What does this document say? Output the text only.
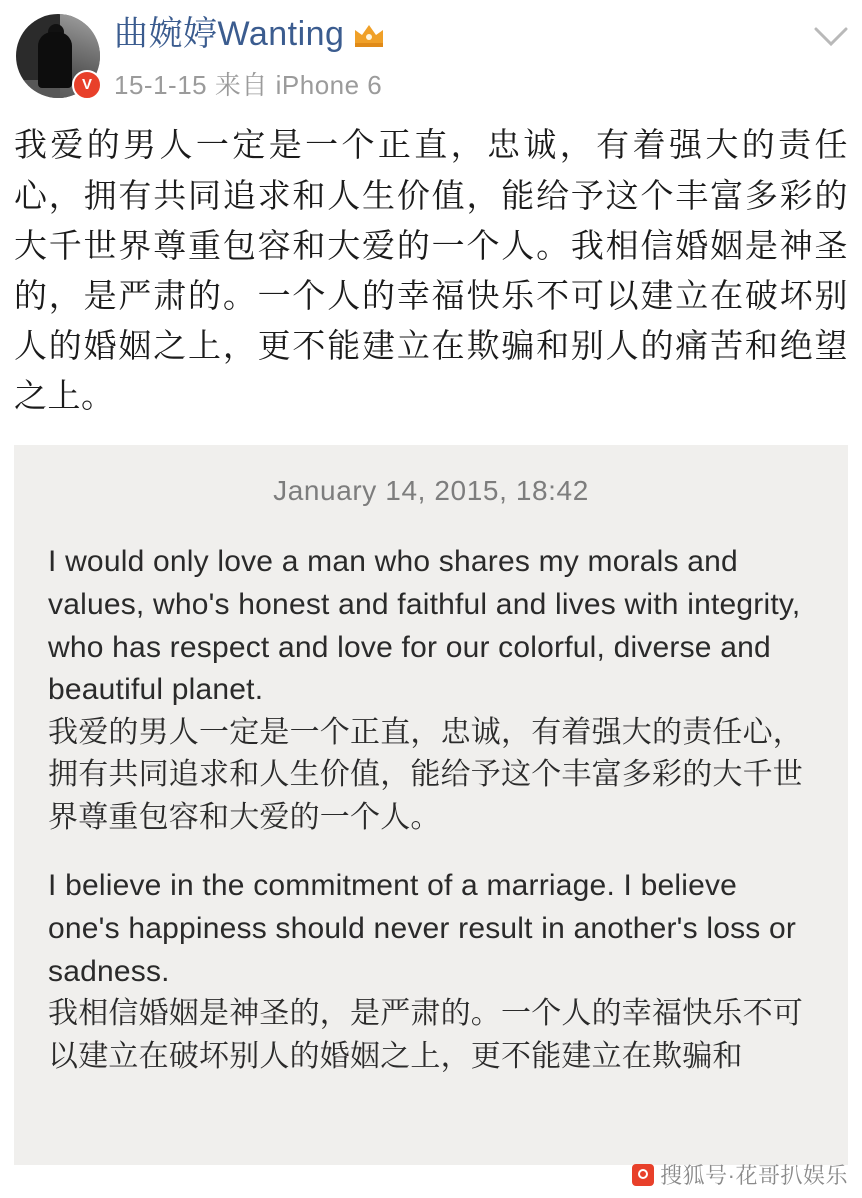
V
曲婉婷Wanting
15-1-15 来自 iPhone 6
我爱的男人一定是一个正直，忠诚，有着强大的责任心，拥有共同追求和人生价值，能给予这个丰富多彩的大千世界尊重包容和大爱的一个人。我相信婚姻是神圣的，是严肃的。一个人的幸福快乐不可以建立在破坏别人的婚姻之上，更不能建立在欺骗和别人的痛苦和绝望之上。
January 14, 2015, 18:42
I would only love a man who shares my morals and values, who's honest and faithful and lives with integrity, who has respect and love for our colorful, diverse and beautiful planet.
我爱的男人一定是一个正直，忠诚，有着强大的责任心，拥有共同追求和人生价值，能给予这个丰富多彩的大千世界尊重包容和大爱的一个人。
I believe in the commitment of a marriage. I believe one's happiness should never result in another's loss or sadness.
我相信婚姻是神圣的，是严肃的。一个人的幸福快乐不可以建立在破坏别人的婚姻之上，更不能建立在欺骗和
搜狐号·花哥扒娱乐
